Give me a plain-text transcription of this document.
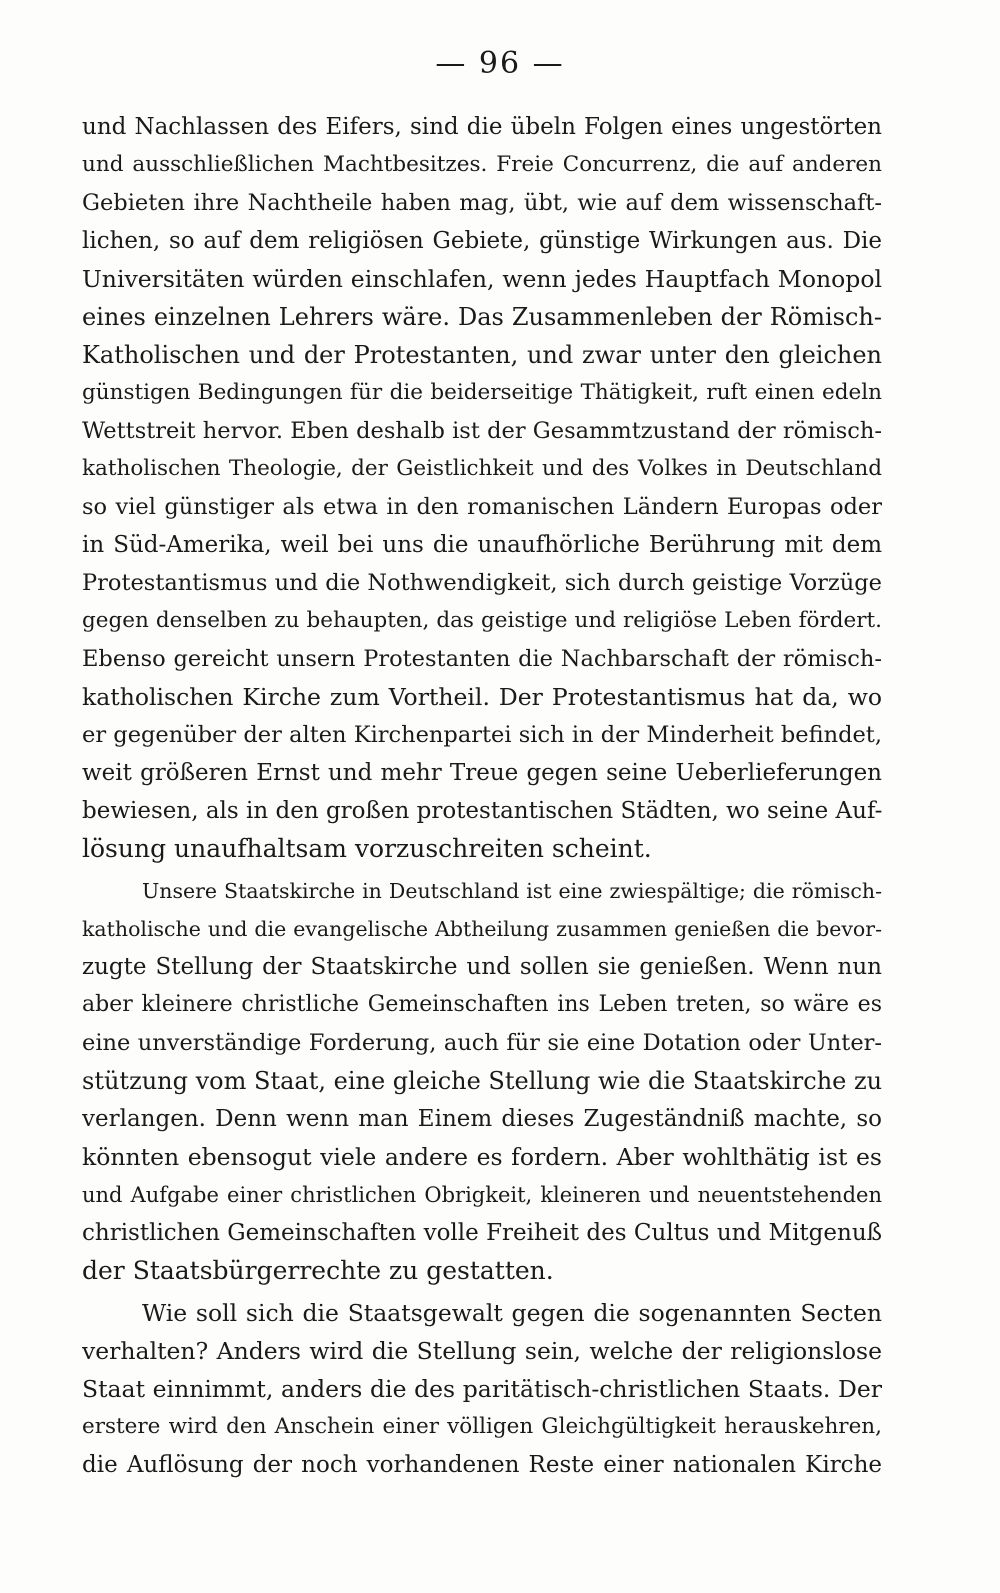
— 96 —
und Nachlassen des Eifers, sind die übeln Folgen eines ungestörten
und ausschließlichen Machtbesitzes. Freie Concurrenz, die auf anderen
Gebieten ihre Nachtheile haben mag, übt, wie auf dem wissenschaft-
lichen, so auf dem religiösen Gebiete, günstige Wirkungen aus. Die
Universitäten würden einschlafen, wenn jedes Hauptfach Monopol
eines einzelnen Lehrers wäre. Das Zusammenleben der Römisch-
Katholischen und der Protestanten, und zwar unter den gleichen
günstigen Bedingungen für die beiderseitige Thätigkeit, ruft einen edeln
Wettstreit hervor. Eben deshalb ist der Gesammtzustand der römisch-
katholischen Theologie, der Geistlichkeit und des Volkes in Deutschland
so viel günstiger als etwa in den romanischen Ländern Europas oder
in Süd-Amerika, weil bei uns die unaufhörliche Berührung mit dem
Protestantismus und die Nothwendigkeit, sich durch geistige Vorzüge
gegen denselben zu behaupten, das geistige und religiöse Leben fördert.
Ebenso gereicht unsern Protestanten die Nachbarschaft der römisch-
katholischen Kirche zum Vortheil. Der Protestantismus hat da, wo
er gegenüber der alten Kirchenpartei sich in der Minderheit befindet,
weit größeren Ernst und mehr Treue gegen seine Ueberlieferungen
bewiesen, als in den großen protestantischen Städten, wo seine Auf-
lösung unaufhaltsam vorzuschreiten scheint.
Unsere Staatskirche in Deutschland ist eine zwiespältige; die römisch-
katholische und die evangelische Abtheilung zusammen genießen die bevor-
zugte Stellung der Staatskirche und sollen sie genießen. Wenn nun
aber kleinere christliche Gemeinschaften ins Leben treten, so wäre es
eine unverständige Forderung, auch für sie eine Dotation oder Unter-
stützung vom Staat, eine gleiche Stellung wie die Staatskirche zu
verlangen. Denn wenn man Einem dieses Zugeständniß machte, so
könnten ebensogut viele andere es fordern. Aber wohlthätig ist es
und Aufgabe einer christlichen Obrigkeit, kleineren und neuentstehenden
christlichen Gemeinschaften volle Freiheit des Cultus und Mitgenuß
der Staatsbürgerrechte zu gestatten.
Wie soll sich die Staatsgewalt gegen die sogenannten Secten
verhalten? Anders wird die Stellung sein, welche der religionslose
Staat einnimmt, anders die des paritätisch-christlichen Staats. Der
erstere wird den Anschein einer völligen Gleichgültigkeit herauskehren,
die Auflösung der noch vorhandenen Reste einer nationalen Kirche
